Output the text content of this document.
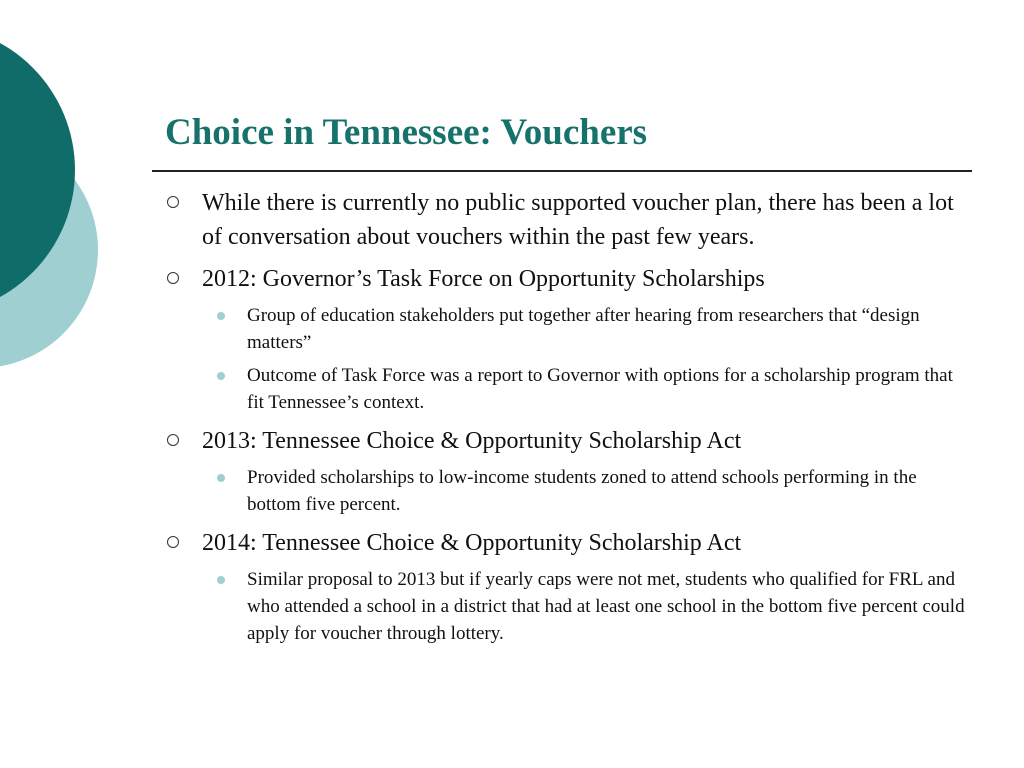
Choice in Tennessee: Vouchers
While there is currently no public supported voucher plan, there has been a lot of conversation about vouchers within the past few years.
2012: Governor’s Task Force on Opportunity Scholarships
Group of education stakeholders put together after hearing from researchers that “design matters”
Outcome of Task Force was a report to Governor with options for a scholarship program that fit Tennessee’s context.
2013: Tennessee Choice & Opportunity Scholarship Act
Provided scholarships to low-income students zoned to attend schools performing in the bottom five percent.
2014: Tennessee Choice & Opportunity Scholarship Act
Similar proposal to 2013 but if yearly caps were not met, students who qualified for FRL and who attended a school in a district that had at least one school in the bottom five percent could apply for voucher through lottery.
